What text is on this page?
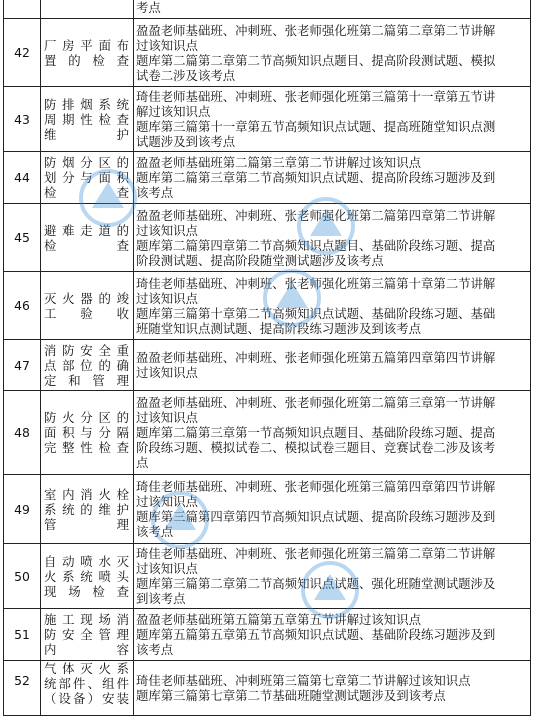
		考点

42	厂房平面布
置的检查	盈盈老师基础班、冲刺班、张老师强化班第二篇第二章第二节讲解
过该知识点
题库第二篇第二章第二节高频知识点题目、提高阶段测试题、模拟
试卷二涉及该考点

43	防排烟系统
周期性检查
维护	琦佳老师基础班、冲刺班、张老师强化班第三篇第十一章第五节讲
解过该知识点
题库第三篇第十一章第五节高频知识点试题、提高班随堂知识点测
试题涉及到该考点

44	防烟分区的
划分与面积
检查	盈盈老师基础班第二篇第三章第二节讲解过该知识点
题库第二篇第三章第二节高频知识点试题、提高阶段练习题涉及到
该考点

45	避难走道的
检查	盈盈老师基础班、冲刺班、张老师强化班第二篇第四章第二节讲解
过该知识点
题库第二篇第四章第二节高频知识点题目、基础阶段练习题、提高
阶段测试题、提高阶段随堂测试题涉及该考点

46	灭火器的竣
工验收	琦佳老师基础班、冲刺班、张老师强化班第三篇第十章第二节讲解
过该知识点
题库第三篇第十章第二节高频知识点试题、基础阶段练习题、基础
班随堂知识点测试题、提高阶段练习题涉及到该考点

47	消防安全重
点部位的确
定和管理	盈盈老师基础班、冲刺班、张老师强化班第五篇第四章第四节讲解
过该知识点

48	防火分区的
面积与分隔
完整性检查	盈盈老师基础班、冲刺班、张老师强化班第二篇第三章第一节讲解
过该知识点
题库第二篇第三章第一节高频知识点题目、基础阶段练习题、提高
阶段练习题、模拟试卷二、模拟试卷三题目、竞赛试卷二涉及该考
点

49	室内消火栓
系统的维护
管理	琦佳老师基础班、冲刺班、张老师强化班第三篇第四章第四节讲解
过该知识点
题库第三篇第四章第四节高频知识点试题、提高阶段练习题涉及到
该考点

50	自动喷水灭
火系统喷头
现场检查	琦佳老师基础班、冲刺班、张老师强化班第三篇第二章第二节讲解
过该知识点
题库第三篇第二章第二节高频知识点试题、强化班随堂测试题涉及
到该考点

51	施工现场消
防安全管理
内容	盈盈老师基础班第五篇第五章第五节讲解过该知识点
题库第五篇第五章第五节高频知识点试题、基础阶段练习题涉及到
该考点

52	气体灭火系
统部件、组件
（设备）安装	琦佳老师基础班、冲刺班第三篇第七章第二节讲解过该知识点
题库第三篇第七章第二节基础班随堂测试题涉及到该考点
